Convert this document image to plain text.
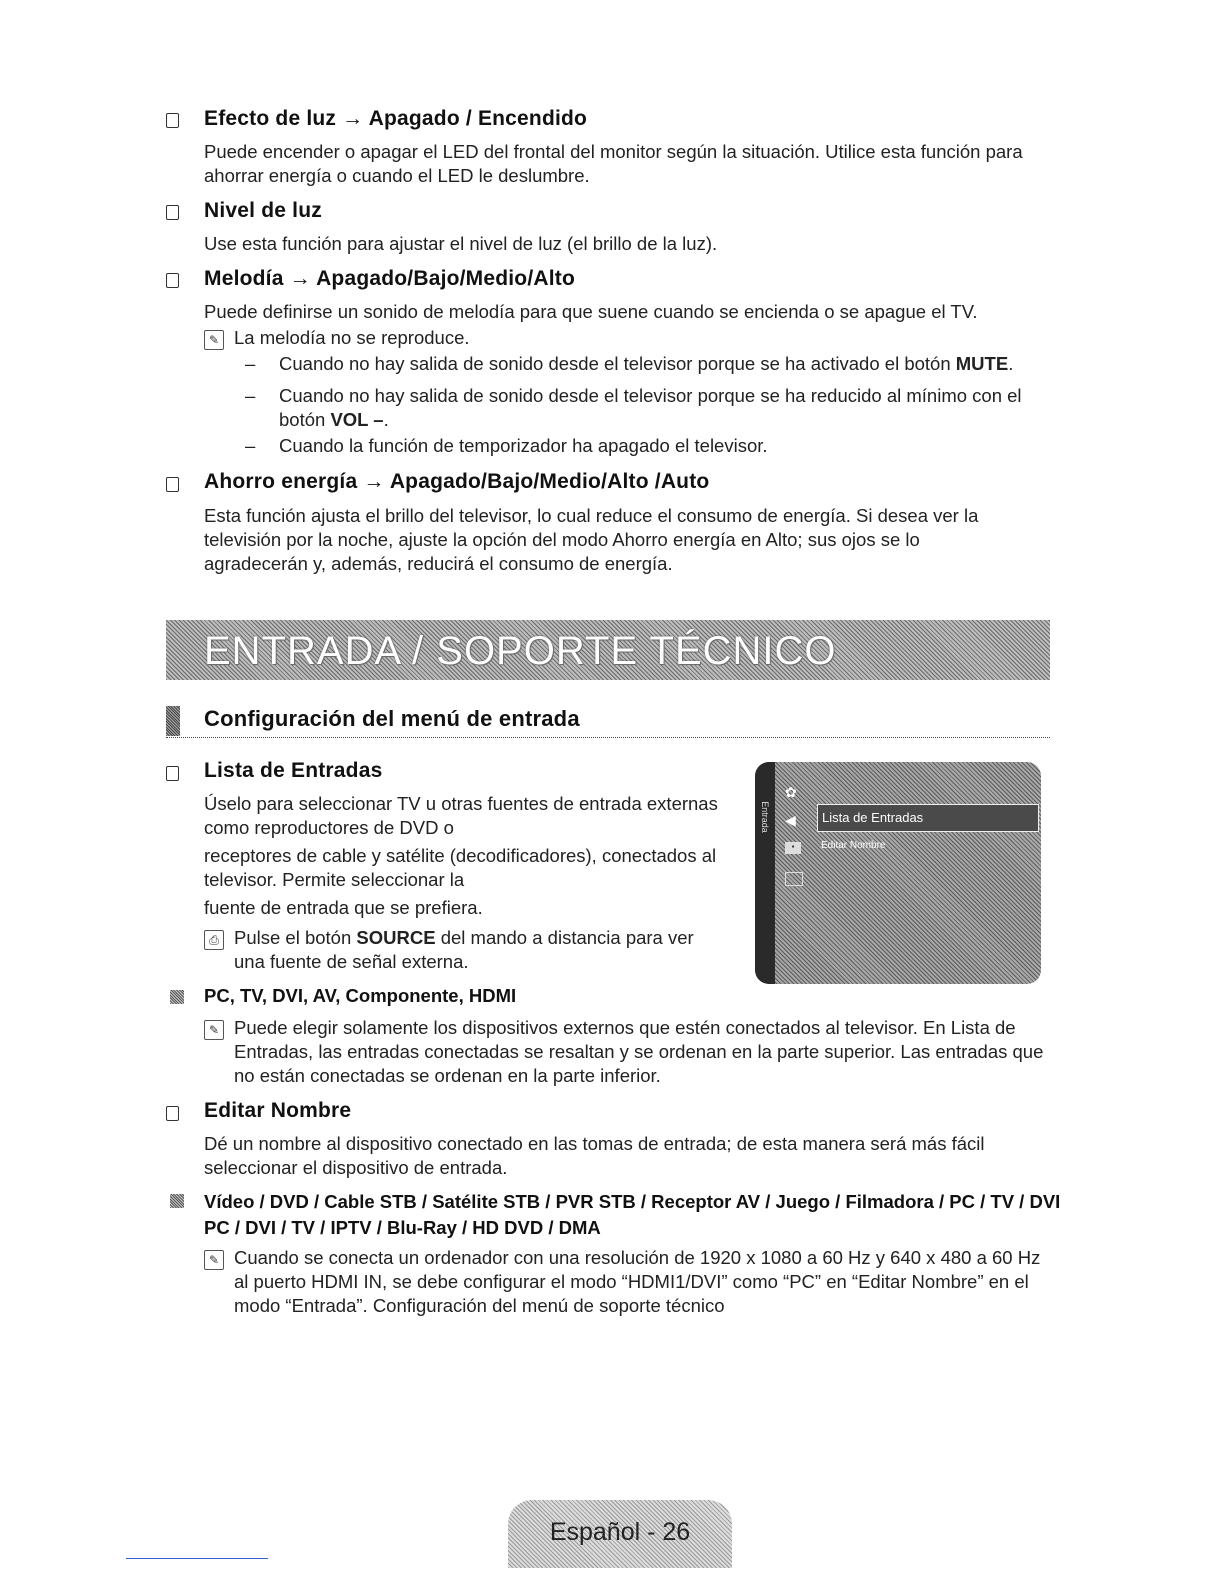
Efecto de luz → Apagado / Encendido
Puede encender o apagar el LED del frontal del monitor según la situación. Utilice esta función para ahorrar energía o cuando el LED le deslumbre.
Nivel de luz
Use esta función para ajustar el nivel de luz (el brillo de la luz).
Melodía → Apagado/Bajo/Medio/Alto
Puede definirse un sonido de melodía para que suene cuando se encienda o se apague el TV.
✎ La melodía no se reproduce.
– Cuando no hay salida de sonido desde el televisor porque se ha activado el botón MUTE.
– Cuando no hay salida de sonido desde el televisor porque se ha reducido al mínimo con el botón VOL –.
– Cuando la función de temporizador ha apagado el televisor.
Ahorro energía → Apagado/Bajo/Medio/Alto /Auto
Esta función ajusta el brillo del televisor, lo cual reduce el consumo de energía. Si desea ver la televisión por la noche, ajuste la opción del modo Ahorro energía en Alto; sus ojos se lo agradecerán y, además, reducirá el consumo de energía.
ENTRADA / SOPORTE TÉCNICO
Configuración del menú de entrada
Lista de Entradas
Úselo para seleccionar TV u otras fuentes de entrada externas como reproductores de DVD o
receptores de cable y satélite (decodificadores), conectados al televisor. Permite seleccionar la
fuente de entrada que se prefiera.
⎙ Pulse el botón SOURCE del mando a distancia para ver una fuente de señal externa.
Entrada
✿
◀
▪
Lista de Entradas
Editar Nombre
PC, TV, DVI, AV, Componente, HDMI
✎ Puede elegir solamente los dispositivos externos que estén conectados al televisor. En Lista de Entradas, las entradas conectadas se resaltan y se ordenan en la parte superior. Las entradas que no están conectadas se ordenan en la parte inferior.
Editar Nombre
Dé un nombre al dispositivo conectado en las tomas de entrada; de esta manera será más fácil seleccionar el dispositivo de entrada.
Vídeo / DVD / Cable STB / Satélite STB / PVR STB / Receptor AV / Juego / Filmadora / PC / TV / DVI PC / DVI / TV / IPTV / Blu-Ray / HD DVD / DMA
✎ Cuando se conecta un ordenador con una resolución de 1920 x 1080 a 60 Hz y 640 x 480 a 60 Hz al puerto HDMI IN, se debe configurar el modo “HDMI1/DVI” como “PC” en “Editar Nombre” en el modo “Entrada”. Configuración del menú de soporte técnico
Español - 26
